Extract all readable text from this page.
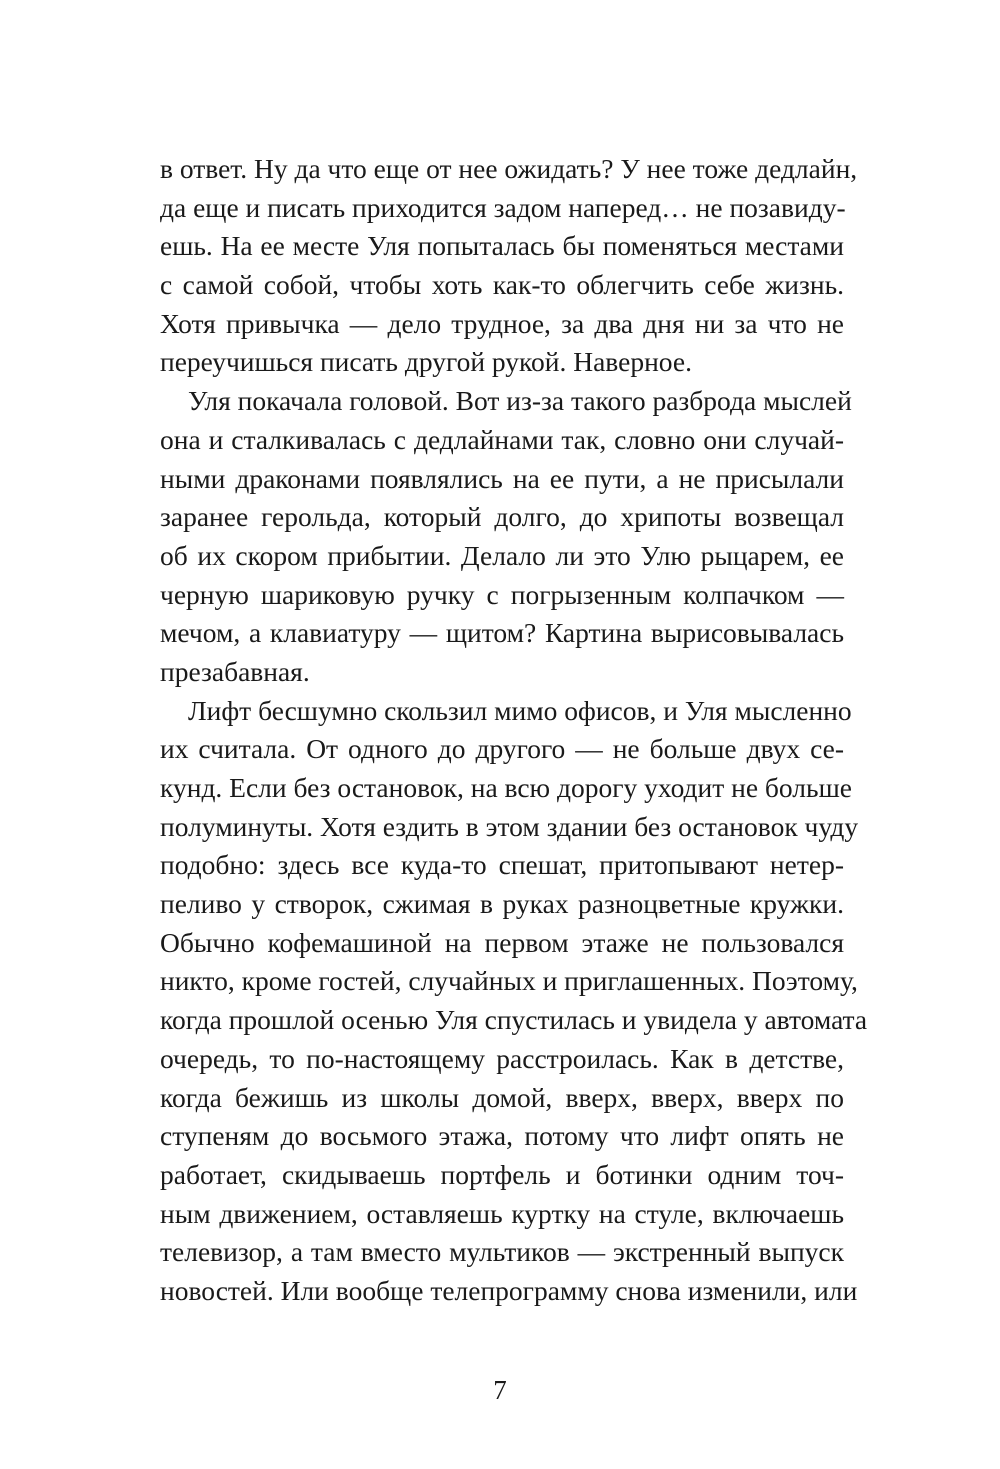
в ответ. Ну да что еще от нее ожидать? У нее тоже дедлайн,
да еще и писать приходится задом наперед… не позавиду-
ешь. На ее месте Уля попыталась бы поменяться местами
с самой собой, чтобы хоть как-то облегчить себе жизнь.
Хотя привычка — дело трудное, за два дня ни за что не
переучишься писать другой рукой. Наверное.
Уля покачала головой. Вот из-за такого разброда мыслей
она и сталкивалась с дедлайнами так, словно они случай-
ными драконами появлялись на ее пути, а не присылали
заранее герольда, который долго, до хрипоты возвещал
об их скором прибытии. Делало ли это Улю рыцарем, ее
черную шариковую ручку с погрызенным колпачком —
мечом, а клавиатуру — щитом? Картина вырисовывалась
презабавная.
Лифт бесшумно скользил мимо офисов, и Уля мысленно
их считала. От одного до другого — не больше двух се-
кунд. Если без остановок, на всю дорогу уходит не больше
полуминуты. Хотя ездить в этом здании без остановок чуду
подобно: здесь все куда-то спешат, притопывают нетер-
пеливо у створок, сжимая в руках разноцветные кружки.
Обычно кофемашиной на первом этаже не пользовался
никто, кроме гостей, случайных и приглашенных. Поэтому,
когда прошлой осенью Уля спустилась и увидела у автомата
очередь, то по-настоящему расстроилась. Как в детстве,
когда бежишь из школы домой, вверх, вверх, вверх по
ступеням до восьмого этажа, потому что лифт опять не
работает, скидываешь портфель и ботинки одним точ-
ным движением, оставляешь куртку на стуле, включаешь
телевизор, а там вместо мультиков — экстренный выпуск
новостей. Или вообще телепрограмму снова изменили, или
7
